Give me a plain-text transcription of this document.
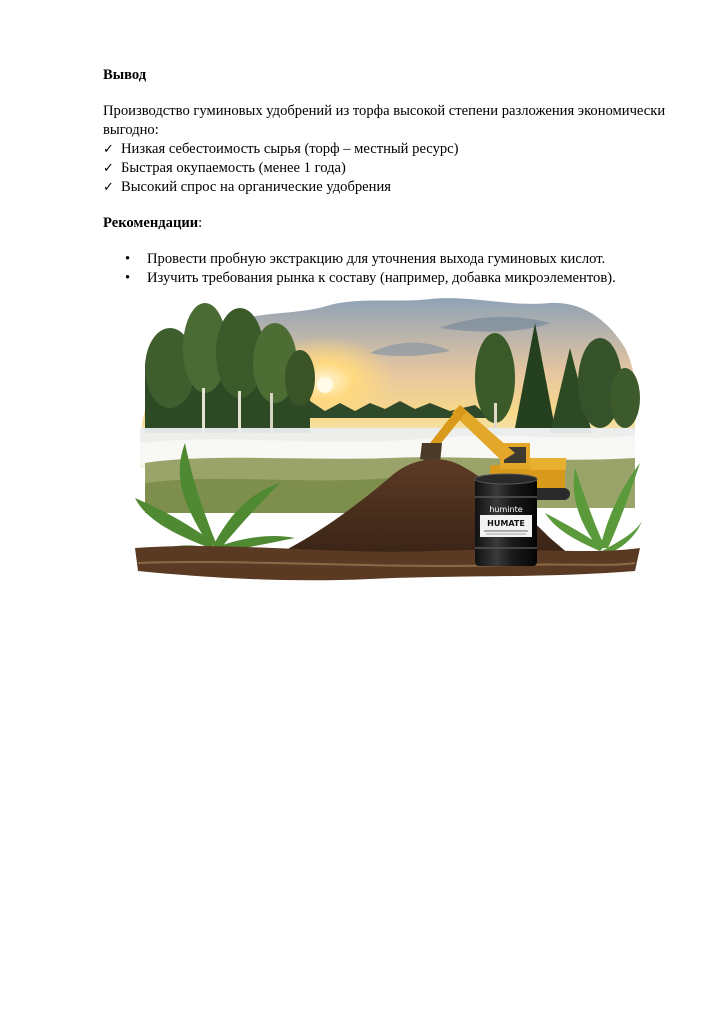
Вывод

Производство гуминовых удобрений из торфа высокой степени разложения экономически выгодно:
✓ Низкая себестоимость сырья (торф – местный ресурс)
✓ Быстрая окупаемость (менее 1 года)
✓ Высокий спрос на органические удобрения
Рекомендации:
•	Провести пробную экстракцию для уточнения выхода гуминовых кислот.
•	Изучить требования рынка к составу (например, добавка микроэлементов).
huminte
HUMATE
